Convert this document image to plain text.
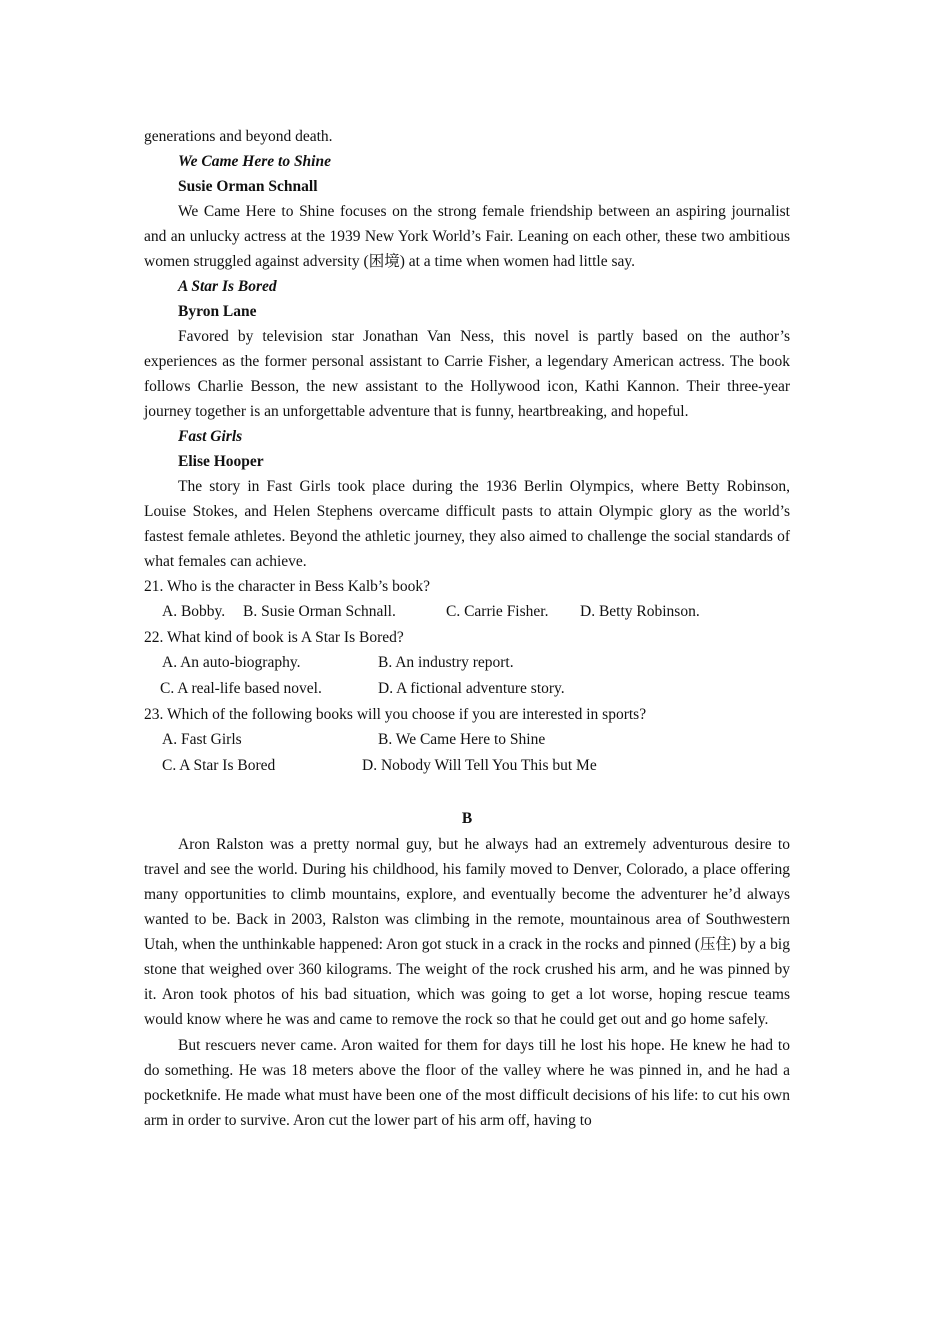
generations and beyond death.

We Came Here to Shine

Susie Orman Schnall

We Came Here to Shine focuses on the strong female friendship between an aspiring journalist and an unlucky actress at the 1939 New York World’s Fair. Leaning on each other, these two ambitious women struggled against adversity (困境) at a time when women had little say.

A Star Is Bored

Byron Lane

Favored by television star Jonathan Van Ness, this novel is partly based on the author’s experiences as the former personal assistant to Carrie Fisher, a legendary American actress. The book follows Charlie Besson, the new assistant to the Hollywood icon, Kathi Kannon. Their three-year journey together is an unforgettable adventure that is funny, heartbreaking, and hopeful.

Fast Girls

Elise Hooper

The story in Fast Girls took place during the 1936 Berlin Olympics, where Betty Robinson, Louise Stokes, and Helen Stephens overcame difficult pasts to attain Olympic glory as the world’s fastest female athletes. Beyond the athletic journey, they also aimed to challenge the social standards of what females can achieve.

21. Who is the character in Bess Kalb’s book?

A. Bobby. B. Susie Orman Schnall.	C. Carrie Fisher. D. Betty Robinson.

22. What kind of book is A Star Is Bored?

A. An auto-biography.	B. An industry report.
C. A real-life based novel.	D. A fictional adventure story.

23. Which of the following books will you choose if you are interested in sports?

A. Fast Girls	B. We Came Here to Shine
C. A Star Is Bored	D. Nobody Will Tell You This but Me

B

Aron Ralston was a pretty normal guy, but he always had an extremely adventurous desire to travel and see the world. During his childhood, his family moved to Denver, Colorado, a place offering many opportunities to climb mountains, explore, and eventually become the adventurer he’d always wanted to be. Back in 2003, Ralston was climbing in the remote, mountainous area of Southwestern Utah, when the unthinkable happened: Aron got stuck in a crack in the rocks and pinned (压住) by a big stone that weighed over 360 kilograms. The weight of the rock crushed his arm, and he was pinned by it. Aron took photos of his bad situation, which was going to get a lot worse, hoping rescue teams would know where he was and came to remove the rock so that he could get out and go home safely.

But rescuers never came. Aron waited for them for days till he lost his hope. He knew he had to do something. He was 18 meters above the floor of the valley where he was pinned in, and he had a pocketknife. He made what must have been one of the most difficult decisions of his life: to cut his own arm in order to survive. Aron cut the lower part of his arm off, having to
